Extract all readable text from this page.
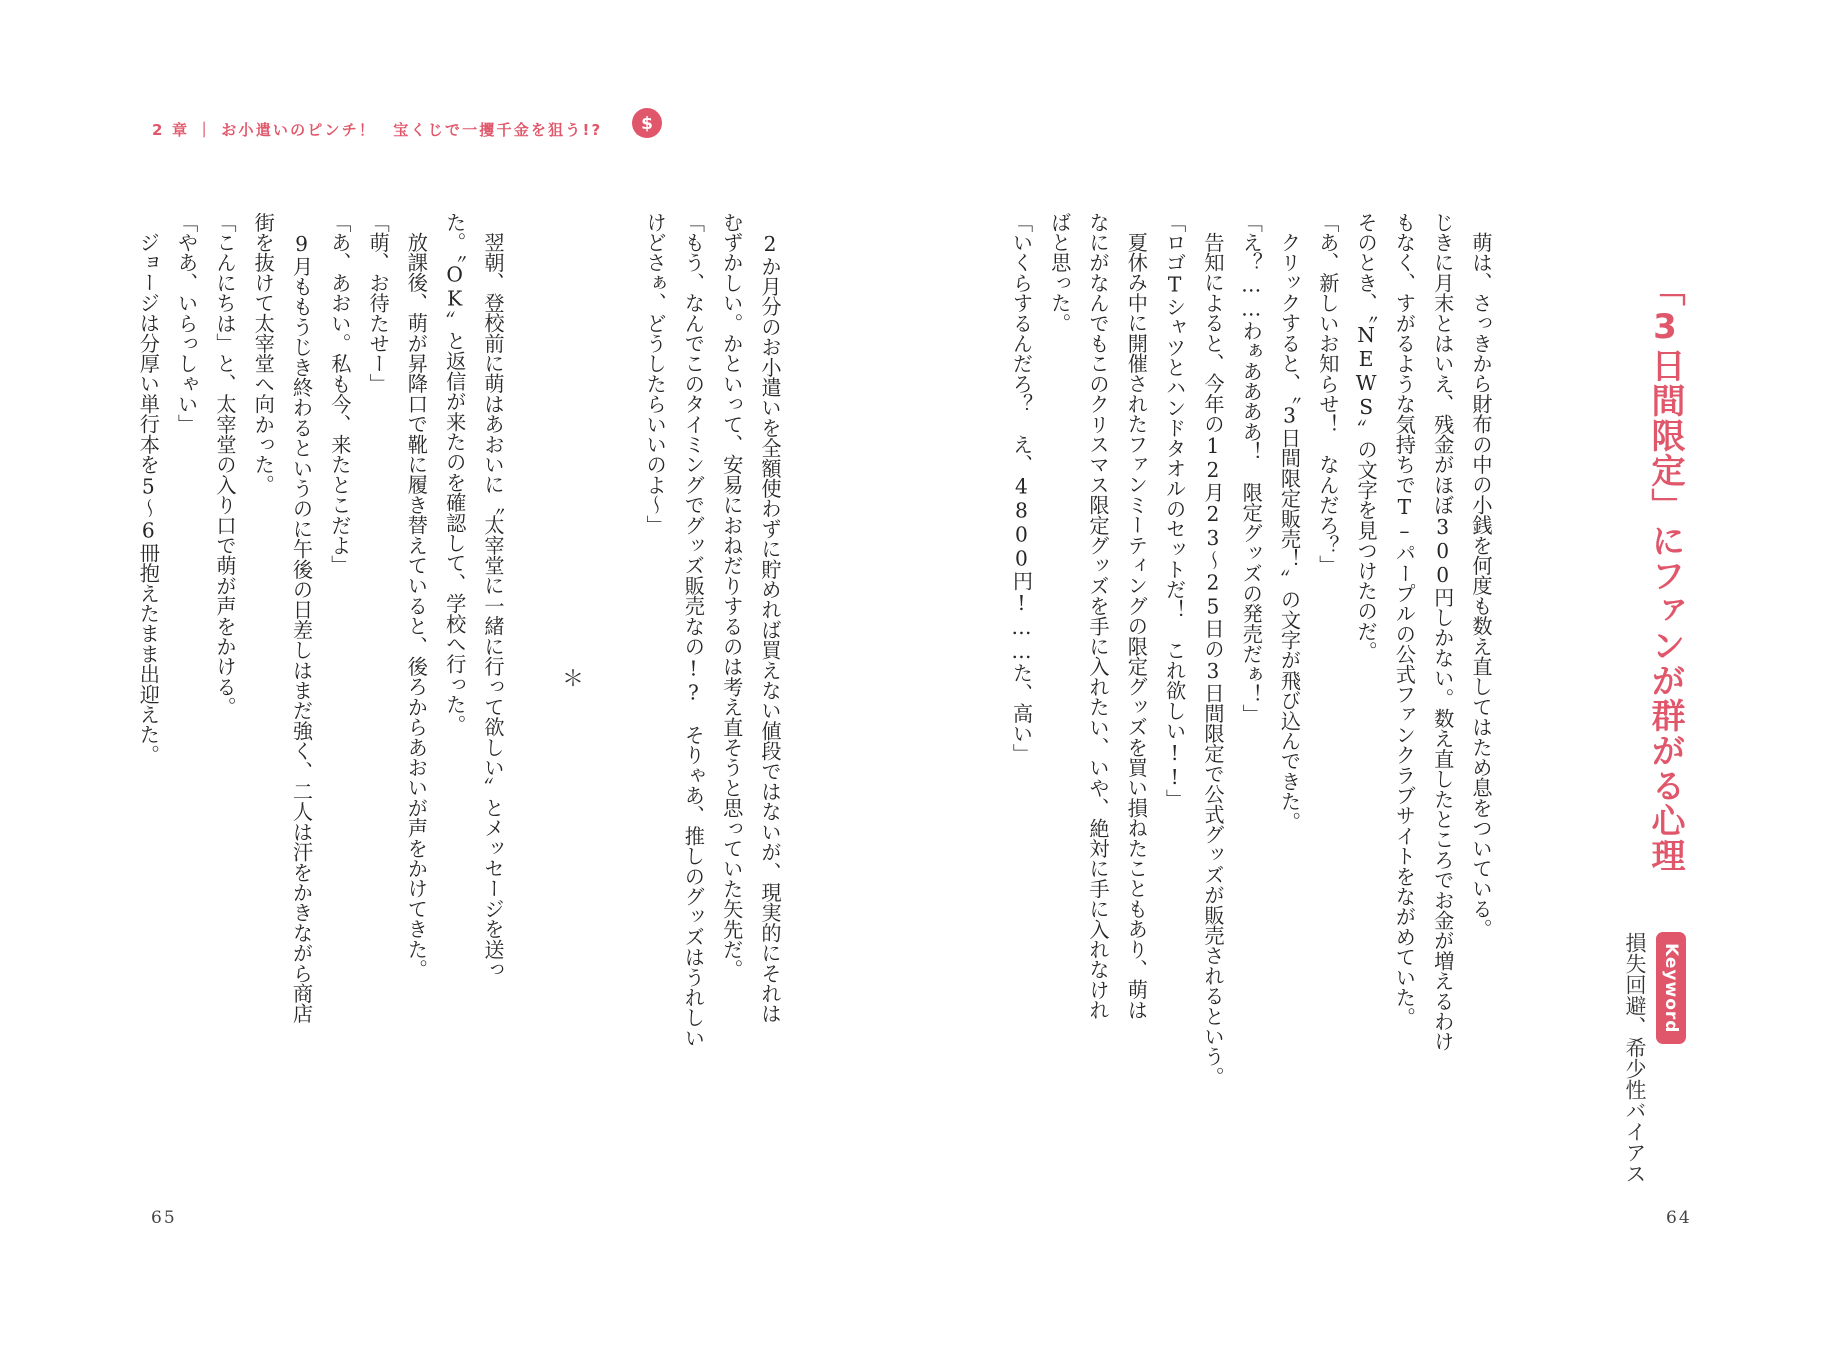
2 章 ｜ お小遣いのピンチ！　宝くじで一攫千金を狙う!? $
「3日間限定」にファンが群がる心理
Keyword
損失回避、希少性バイアス
萌は、さっきから財布の中の小銭を何度も数え直してはため息をついている。
じきに月末とはいえ、残金がほぼ300円しかない。数え直したところでお金が増えるわけ
もなく、すがるような気持ちでT–パープルの公式ファンクラブサイトをながめていた。
そのとき、〝NEWS〟の文字を見つけたのだ。
「あ、新しいお知らせ！　なんだろ？」
クリックすると、〝3日間限定販売！〟の文字が飛び込んできた。
「え？……わぁああああ！　限定グッズの発売だぁ！」
告知によると、今年の12月23〜25日の3日間限定で公式グッズが販売されるという。
「ロゴTシャツとハンドタオルのセットだ！　これ欲しい!!」
夏休み中に開催されたファンミーティングの限定グッズを買い損ねたこともあり、萌は
なにがなんでもこのクリスマス限定グッズを手に入れたい、いや、絶対に手に入れなけれ
ばと思った。
「いくらするんだろ？　え、4800円!……た、高い」
2か月分のお小遣いを全額使わずに貯めれば買えない値段ではないが、現実的にそれは
むずかしい。かといって、安易におねだりするのは考え直そうと思っていた矢先だ。
「もう、なんでこのタイミングでグッズ販売なの!?　そりゃあ、推しのグッズはうれしい
けどさぁ、どうしたらいいのよ〜」
＊
翌朝、登校前に萌はあおいに〝太宰堂に一緒に行って欲しい〟とメッセージを送っ
た。〝OK〟と返信が来たのを確認して、学校へ行った。
放課後、萌が昇降口で靴に履き替えていると、後ろからあおいが声をかけてきた。
「萌、お待たせー」
「あ、あおい。私も今、来たとこだよ」
9月ももうじき終わるというのに午後の日差しはまだ強く、二人は汗をかきながら商店
街を抜けて太宰堂へ向かった。
「こんにちは」と、太宰堂の入り口で萌が声をかける。
「やあ、いらっしゃい」
ジョージは分厚い単行本を5〜6冊抱えたまま出迎えた。
65	64
